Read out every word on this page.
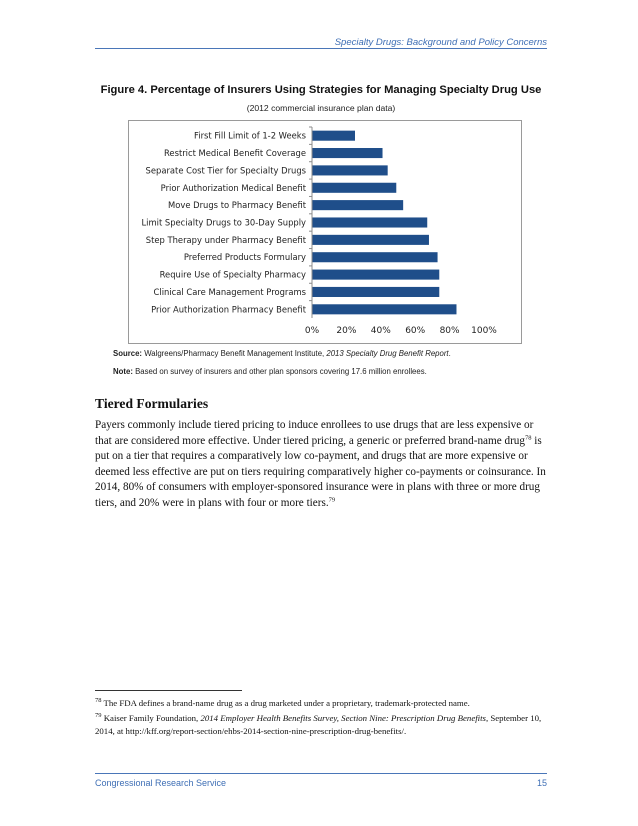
Specialty Drugs: Background and Policy Concerns
Figure 4. Percentage of Insurers Using Strategies for Managing Specialty Drug Use
(2012 commercial insurance plan data)
First Fill Limit of 1-2 Weeks
Restrict Medical Benefit Coverage
Separate Cost Tier for Specialty Drugs
Prior Authorization Medical Benefit
Move Drugs to Pharmacy Benefit
Limit Specialty Drugs to 30-Day Supply
Step Therapy under Pharmacy Benefit
Preferred Products Formulary
Require Use of Specialty Pharmacy
Clinical Care Management Programs
Prior Authorization Pharmacy Benefit
0% 20% 40% 60% 80% 100%
Source: Walgreens/Pharmacy Benefit Management Institute, 2013 Specialty Drug Benefit Report.
Note: Based on survey of insurers and other plan sponsors covering 17.6 million enrollees.
Tiered Formularies
Payers commonly include tiered pricing to induce enrollees to use drugs that are less expensive or that are considered more effective. Under tiered pricing, a generic or preferred brand-name drug$^{78}$ is put on a tier that requires a comparatively low co-payment, and drugs that are more expensive or deemed less effective are put on tiers requiring comparatively higher co-payments or coinsurance. In 2014, 80% of consumers with employer-sponsored insurance were in plans with three or more drug tiers, and 20% were in plans with four or more tiers.$^{79}$
$^{78}$ The FDA defines a brand-name drug as a drug marketed under a proprietary, trademark-protected name.
$^{79}$ Kaiser Family Foundation, 2014 Employer Health Benefits Survey, Section Nine: Prescription Drug Benefits, September 10, 2014, at http://kff.org/report-section/ehbs-2014-section-nine-prescription-drug-benefits/.
Congressional Research Service	15
